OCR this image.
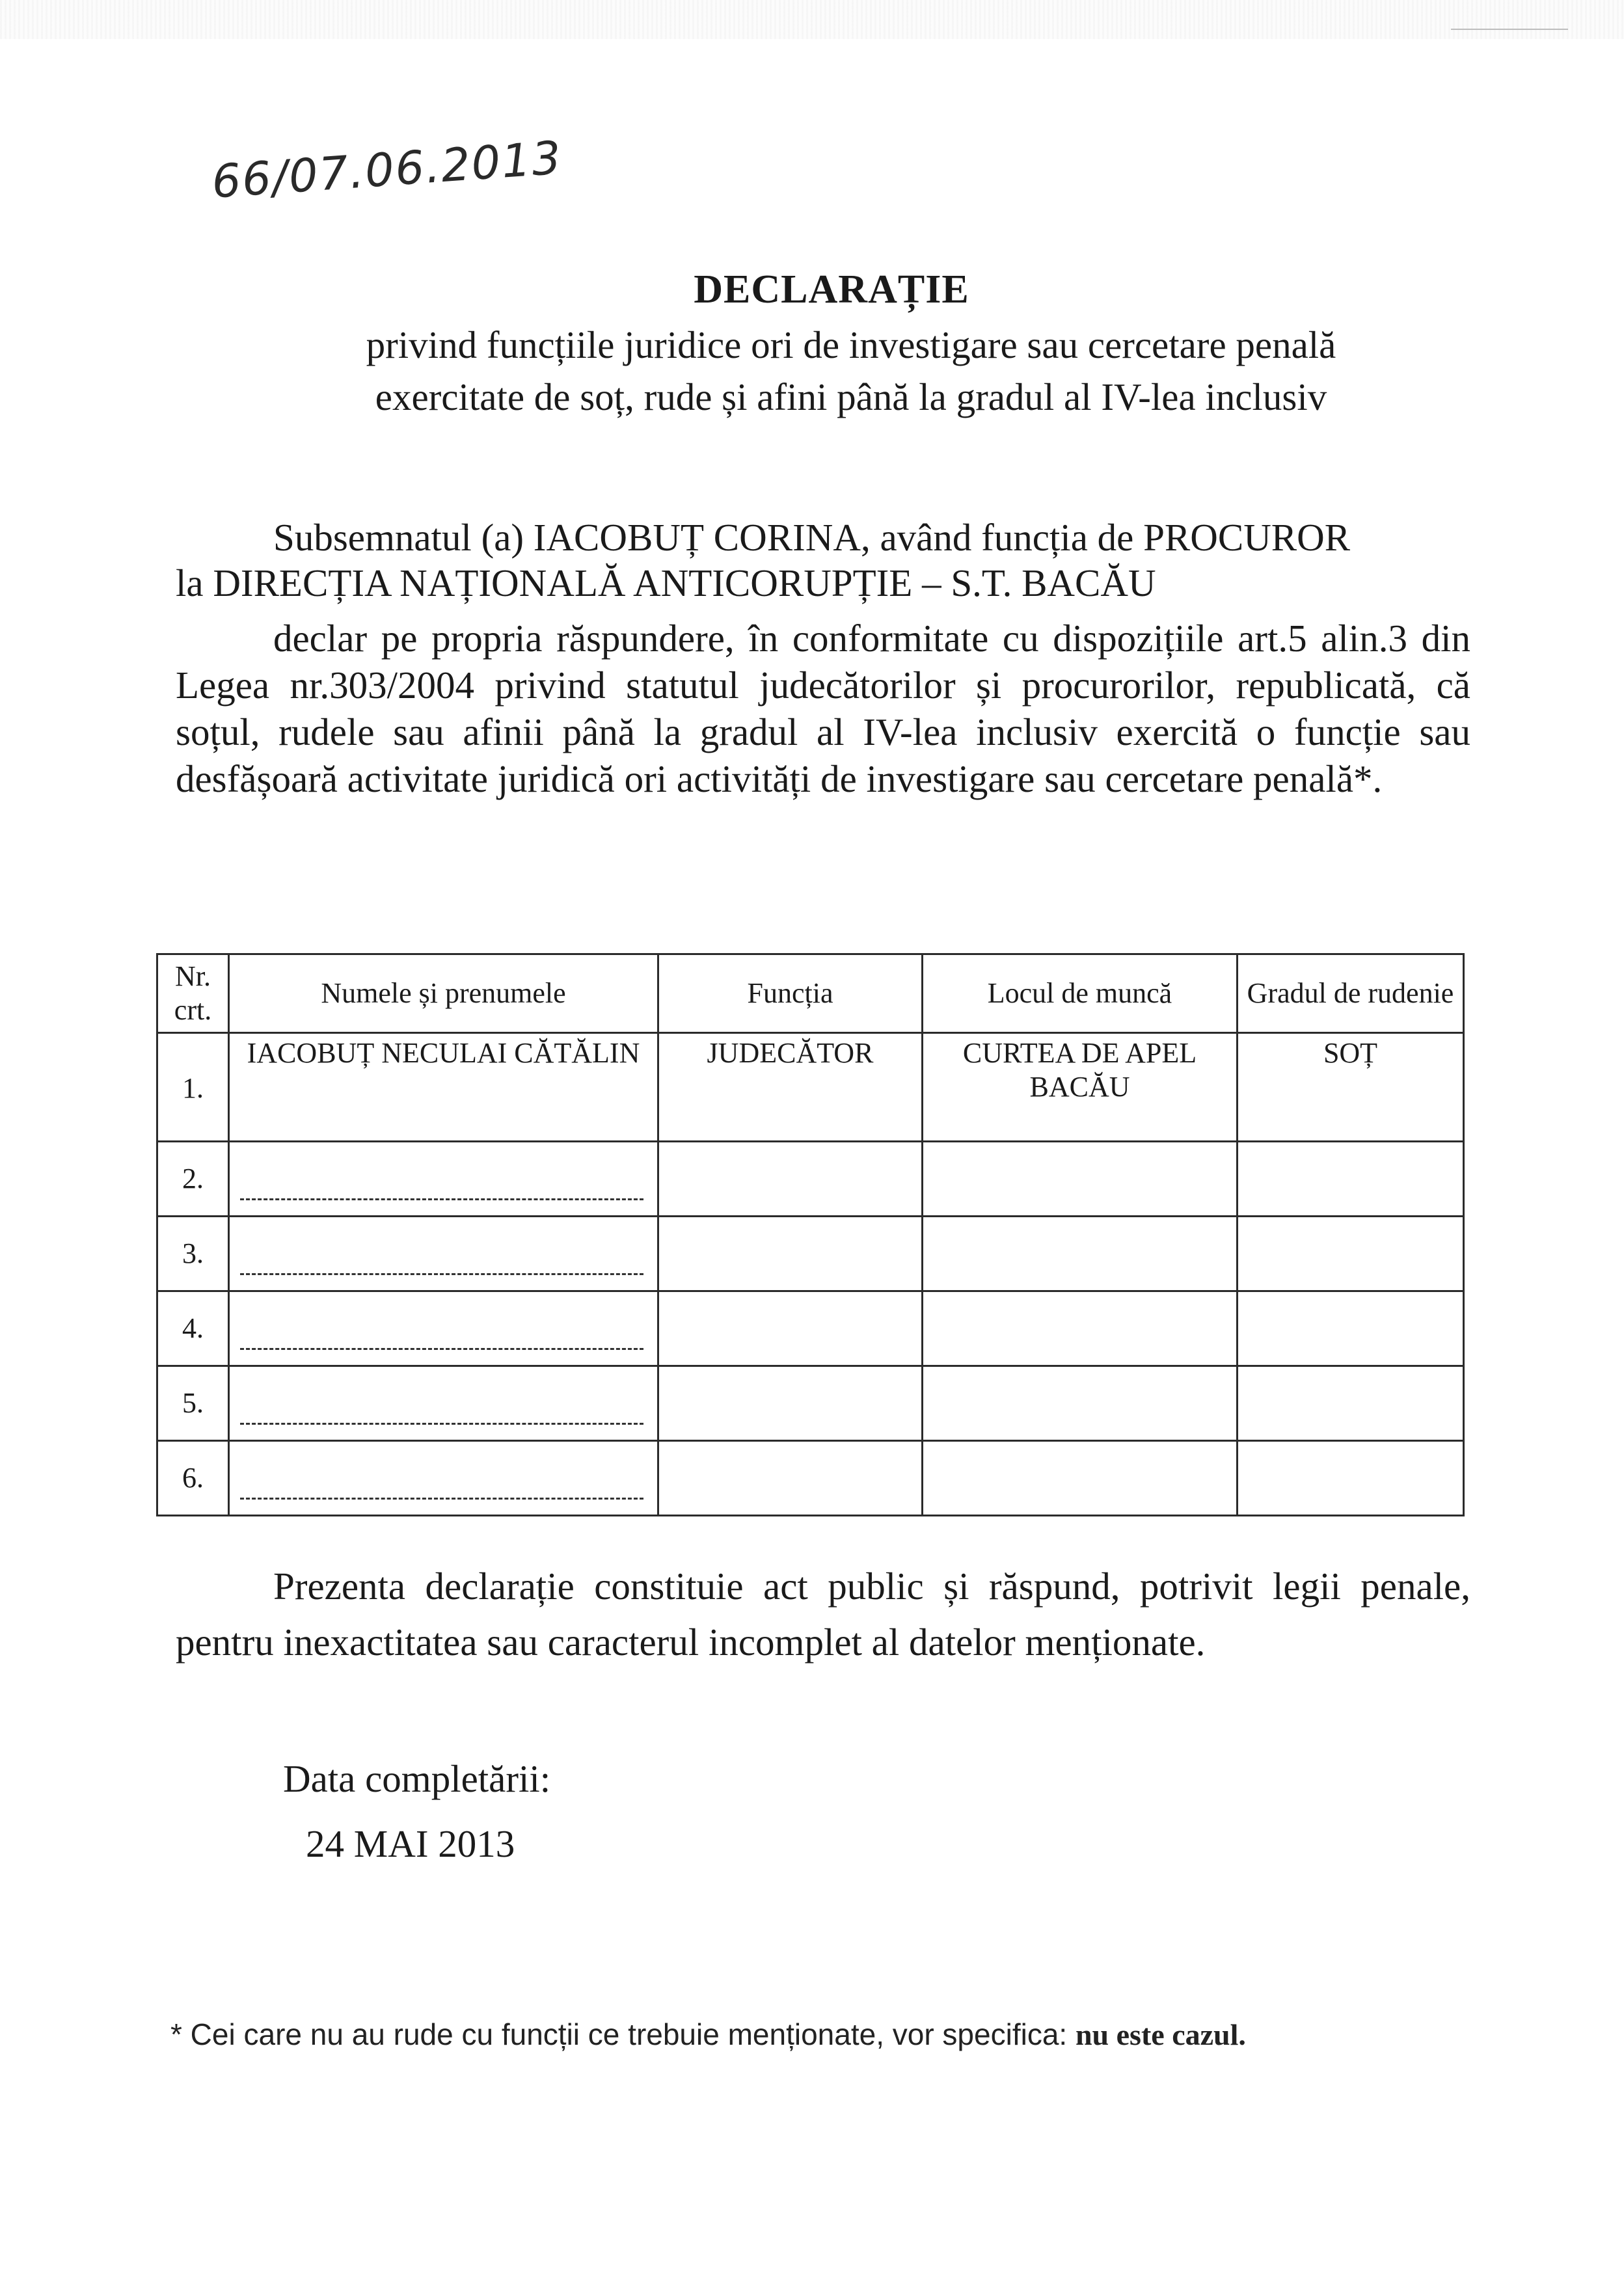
66/07.06.2013
DECLARAȚIE
privind funcțiile juridice ori de investigare sau cercetare penală
exercitate de soț, rude și afini până la gradul al IV-lea inclusiv
Subsemnatul (a) IACOBUȚ CORINA, având funcția de PROCUROR
la DIRECȚIA NAȚIONALĂ ANTICORUPȚIE – S.T. BACĂU
declar pe propria răspundere, în conformitate cu dispozițiile art.5 alin.3 din Legea nr.303/2004 privind statutul judecătorilor și procurorilor, republicată, că soțul, rudele sau afinii până la gradul al IV-lea inclusiv exercită o funcție sau desfășoară activitate juridică ori activități de investigare sau cercetare penală*.
Nr. crt.	Numele și prenumele	Funcția	Locul de muncă	Gradul de rudenie
1.	IACOBUȚ NECULAI CĂTĂLIN	JUDECĂTOR	CURTEA DE APEL BACĂU	SOȚ
2.	

3.	

4.	

5.	

6.	

Prezenta declarație constituie act public și răspund, potrivit legii penale, pentru inexactitatea sau caracterul incomplet al datelor menționate.
Data completării:
24 MAI 2013
* Cei care nu au rude cu funcții ce trebuie menționate, vor specifica: nu este cazul.
